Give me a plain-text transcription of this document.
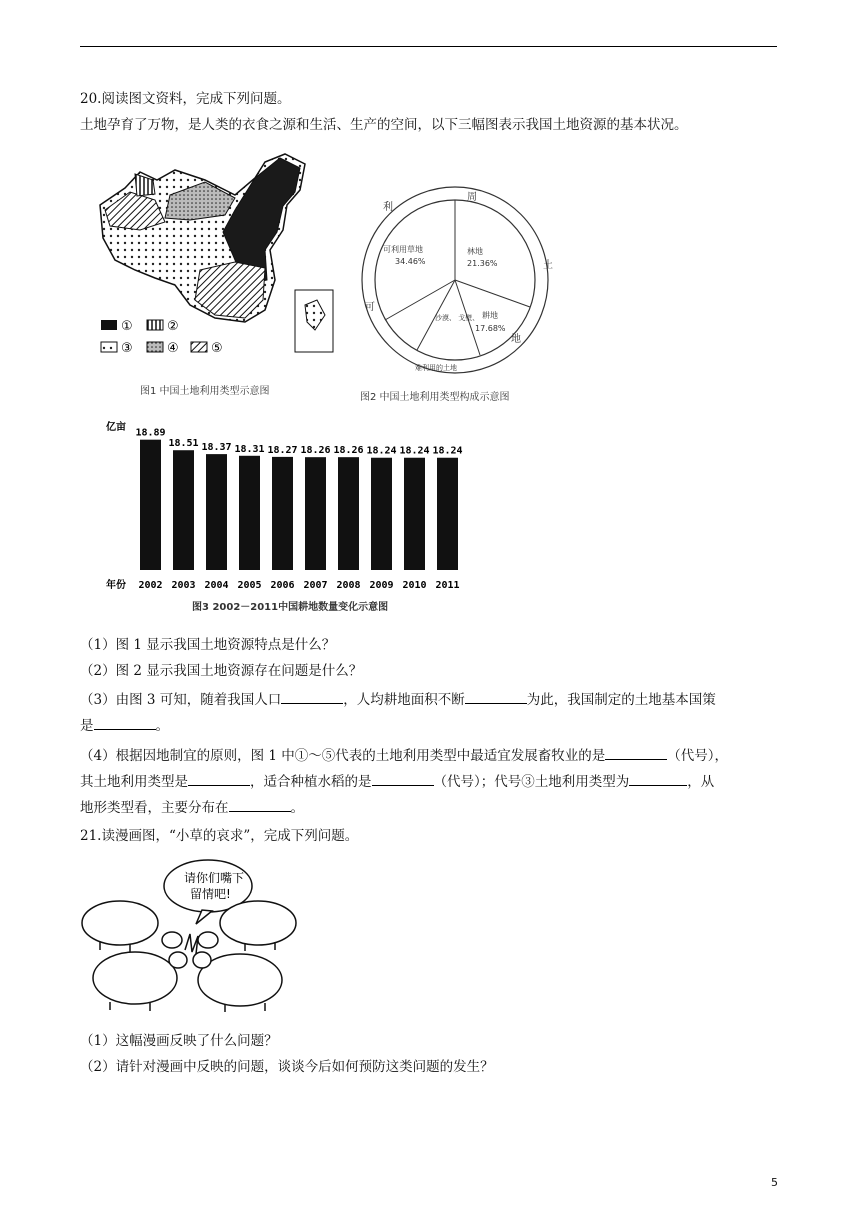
20.阅读图文资料，完成下列问题。
土地孕育了万物，是人类的衣食之源和生活、生产的空间，以下三幅图表示我国土地资源的基本状况。
①	②
③	④ ⑤
图1 中国土地利用类型示意图
可利用草地
34.46%
林地
21.36%
耕地
17.68%
沙漠、 戈壁、
难利用的土地
周
土
地
利
可
图2 中国土地利用类型构成示意图
亿亩
年份
18.89
2002
18.51
2003
18.37
2004
18.31
2005
18.27
2006
18.26
2007
18.26
2008
18.24
2009
18.24
2010
18.24
2011
图3 2002－2011中国耕地数量变化示意图
（1）图 1 显示我国土地资源特点是什么？
（2）图 2 显示我国土地资源存在问题是什么？
（3）由图 3 可知，随着我国人口	，人均耕地面积不断	为此，我国制定的土地基本国策
是	。
（4）根据因地制宜的原则，图 1 中①～⑤代表的土地利用类型中最适宜发展畜牧业的是	（代号），
其土地利用类型是	，适合种植水稻的是	（代号）；代号③土地利用类型为	，从
地形类型看，主要分布在	。
21.读漫画图，“小草的哀求”，完成下列问题。
请你们嘴下
留情吧!
（1）这幅漫画反映了什么问题？
（2）请针对漫画中反映的问题，谈谈今后如何预防这类问题的发生？
5
